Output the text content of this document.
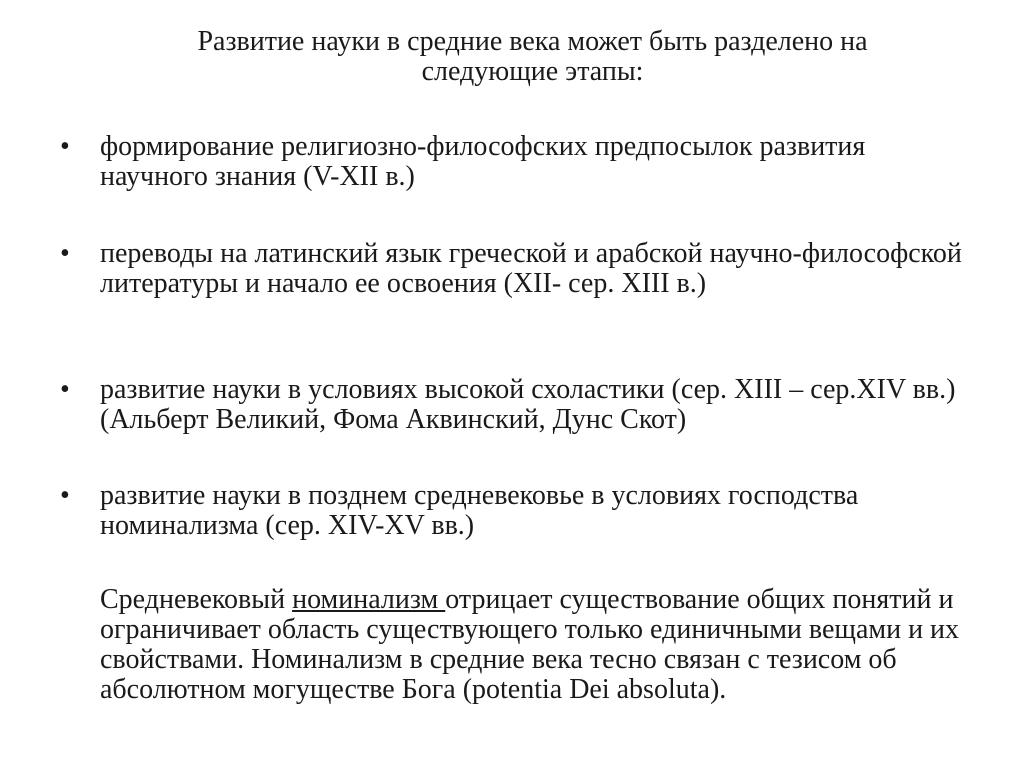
Развитие науки в средние века может быть разделено на следующие этапы:
•	формирование религиозно-философских предпосылок развития научного знания (V-XII в.)
•	переводы на латинский язык греческой и арабской научно-философской литературы и начало ее освоения (XII- сер. XIII в.)
•	развитие науки в условиях высокой схоластики (сер. XIII – сер.XIV вв.) (Альберт Великий, Фома Аквинский, Дунс Скот)
•	развитие науки в позднем средневековье в условиях господства номинализма (сер. XIV-XV вв.)

Средневековый номинализм отрицает существование общих понятий и ограничивает область существующего только единичными вещами и их свойствами. Номинализм в средние века тесно связан с тезисом об абсолютном могуществе Бога (potentia Dei absoluta).
